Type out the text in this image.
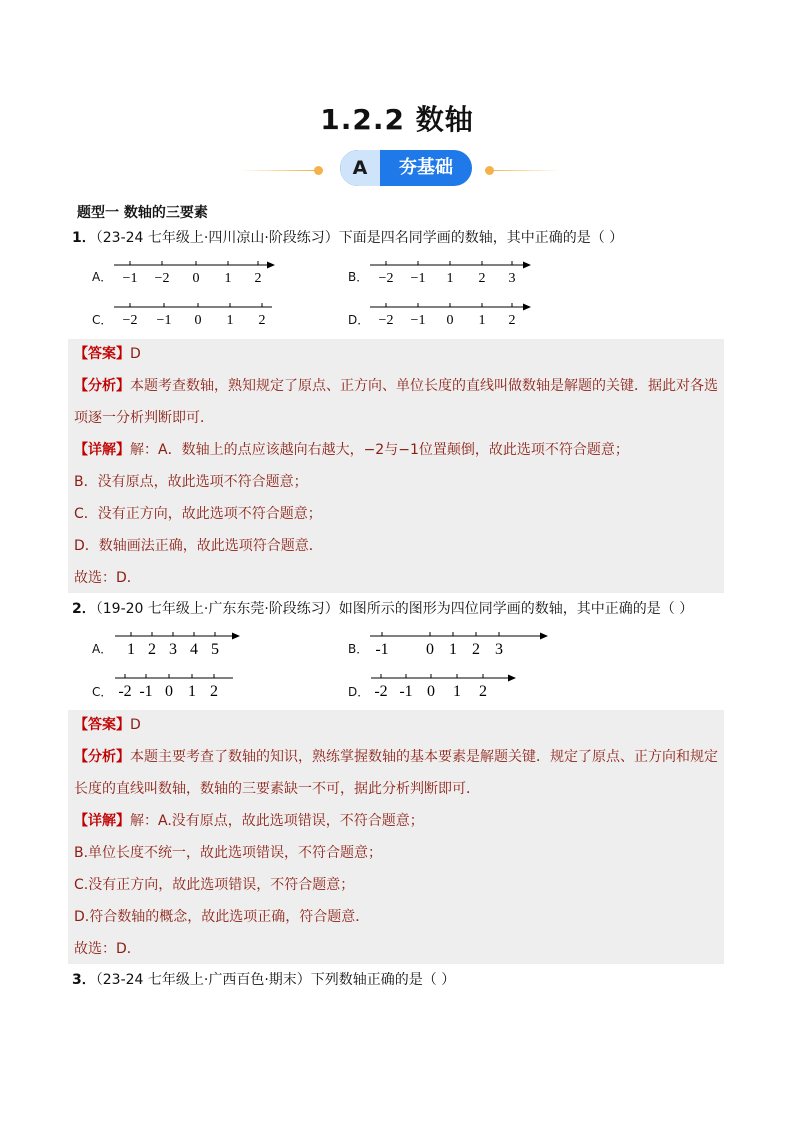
1.2.2 数轴
A	夯基础
题型一 数轴的三要素
1．（23-24 七年级上·四川凉山·阶段练习）下面是四名同学画的数轴，其中正确的是（ ）
A．	B．
C．	D．
−1 −2 0 1 2	−2 −1 1 2 3
−2 −1 0 1 2	−2 −1 0 1 2
【答案】D
【分析】本题考查数轴，熟知规定了原点、正方向、单位长度的直线叫做数轴是解题的关键．据此对各选
项逐一分析判断即可．
【详解】解：A．数轴上的点应该越向右越大，−2与−1位置颠倒，故此选项不符合题意；
B．没有原点，故此选项不符合题意；
C．没有正方向，故此选项不符合题意；
D．数轴画法正确，故此选项符合题意．
故选：D．
2．（19-20 七年级上·广东东莞·阶段练习）如图所示的图形为四位同学画的数轴，其中正确的是（ ）
A．	B．
C．	D．
1 2 3 4 5	-1 0 1 2 3
-2 -1 0 1 2	-2 -1 0 1 2
【答案】D
【分析】本题主要考查了数轴的知识，熟练掌握数轴的基本要素是解题关键．规定了原点、正方向和规定
长度的直线叫数轴，数轴的三要素缺一不可，据此分析判断即可．
【详解】解：A.没有原点，故此选项错误，不符合题意；
B.单位长度不统一，故此选项错误，不符合题意；
C.没有正方向，故此选项错误，不符合题意；
D.符合数轴的概念，故此选项正确，符合题意．
故选：D．
3．（23-24 七年级上·广西百色·期末）下列数轴正确的是（ ）
